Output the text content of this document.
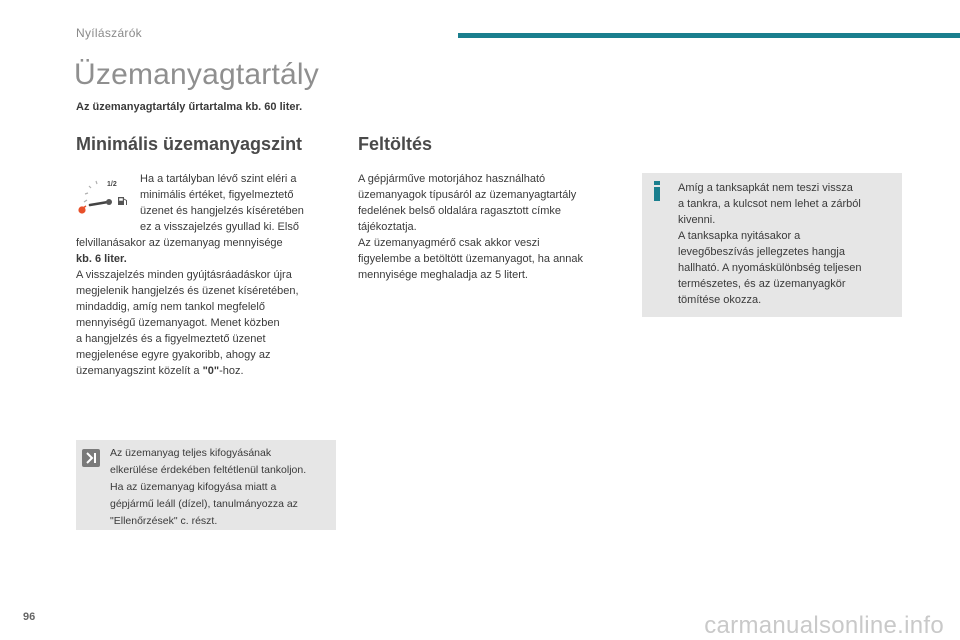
Nyílászárók
Üzemanyagtartály
Az üzemanyagtartály űrtartalma kb. 60 liter.
Minimális üzemanyagszint
1/2 Ha a tartályban lévő szint eléri a

minimális értéket, figyelmeztető

üzenet és hangjelzés kíséretében

ez a visszajelzés gyullad ki. Első

felvillanásakor az üzemanyag mennyisége

kb. 6 liter.

A visszajelzés minden gyújtásráadáskor újra

megjelenik hangjelzés és üzenet kíséretében,

mindaddig, amíg nem tankol megfelelő

mennyiségű üzemanyagot. Menet közben

a hangjelzés és a figyelmeztető üzenet

megjelenése egyre gyakoribb, ahogy az

üzemanyagszint közelít a "0"-hoz.

Az üzemanyag teljes kifogyásának

elkerülése érdekében feltétlenül tankoljon.

Ha az üzemanyag kifogyása miatt a

gépjármű leáll (dízel), tanulmányozza az

"Ellenőrzések" c. részt.

Feltöltés

A gépjárműve motorjához használható

üzemanyagok típusáról az üzemanyagtartály

fedelének belső oldalára ragasztott címke

tájékoztatja.

Az üzemanyagmérő csak akkor veszi

figyelembe a betöltött üzemanyagot, ha annak

mennyisége meghaladja az 5 litert.

Amíg a tanksapkát nem teszi vissza

a tankra, a kulcsot nem lehet a zárból

kivenni.

A tanksapka nyitásakor a

levegőbeszívás jellegzetes hangja

hallható. A nyomáskülönbség teljesen

természetes, és az üzemanyagkör

tömítése okozza.

96	carmanualsonline.info
